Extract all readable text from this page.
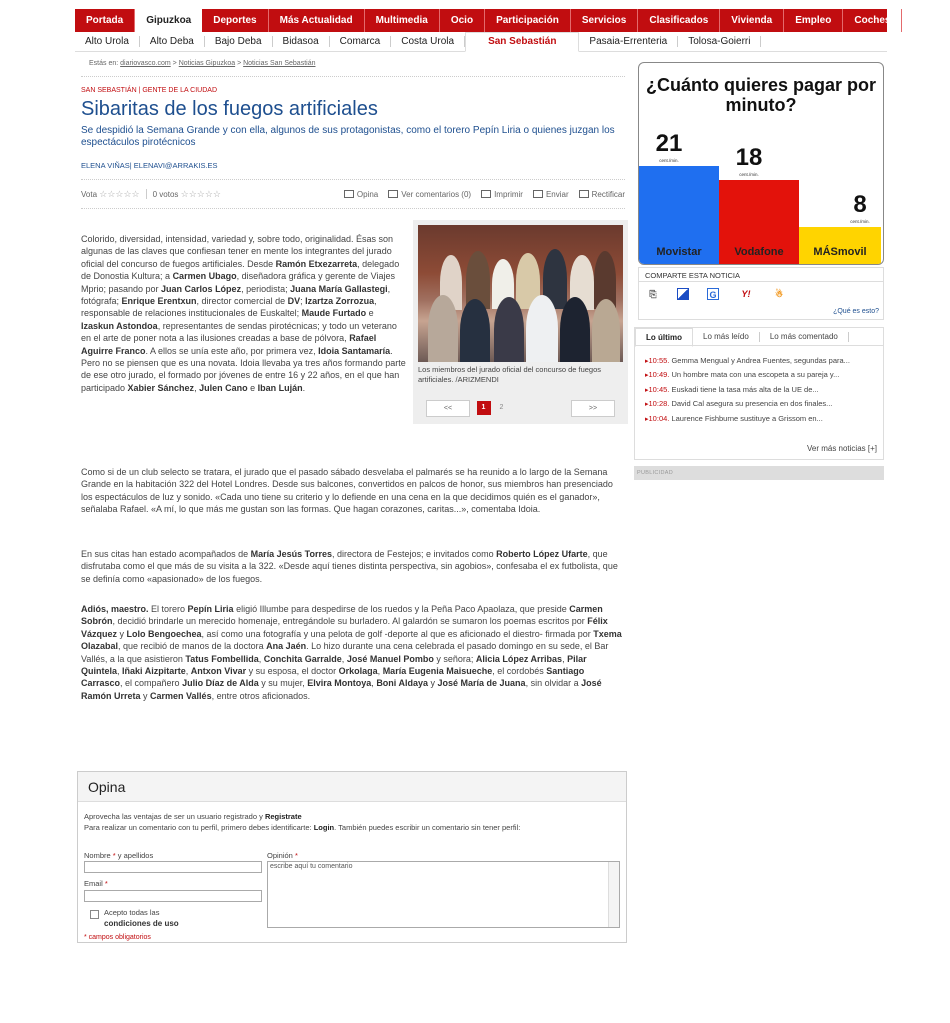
Portada	Gipuzkoa	Deportes	Más Actualidad	Multimedia	Ocio	Participación	Servicios	Clasificados	Vivienda	Empleo	Coches
Alto Urola	Alto Deba	Bajo Deba	Bidasoa	Comarca	Costa Urola	San Sebastián	Pasaia-Errenteria	Tolosa-Goierri
Estás en: diariovasco.com > Noticias Gipuzkoa > Noticias San Sebastián
SAN SEBASTIÁN | GENTE DE LA CIUDAD
Sibaritas de los fuegos artificiales
Se despidió la Semana Grande y con ella, algunos de sus protagonistas, como el torero Pepín Liria o quienes juzgan los espectáculos pirotécnicos
ELENA VIÑAS| ELENAVI@ARRAKIS.ES
Vota
☆☆☆☆☆ 0 votos
☆☆☆☆☆	Opina	Ver comentarios (0)	Imprimir	Enviar	Rectificar
Los miembros del jurado oficial del concurso de fuegos artificiales. /ARIZMENDI
<<	1	2	>>
Colorido, diversidad, intensidad, variedad y, sobre todo, originalidad. Ésas son algunas de las claves que confiesan tener en mente los integrantes del jurado oficial del concurso de fuegos artificiales. Desde Ramón Etxezarreta, delegado de Donostia Kultura; a Carmen Ubago, diseñadora gráfica y gerente de Viajes Mprio; pasando por Juan Carlos López, periodista; Juana María Gallastegi, fotógrafa; Enrique Erentxun, director comercial de DV; Izartza Zorrozua, responsable de relaciones institucionales de Euskaltel; Maude Furtado e Izaskun Astondoa, representantes de sendas pirotécnicas; y todo un veterano en el arte de poner nota a las ilusiones creadas a base de pólvora, Rafael Aguirre Franco. A ellos se unía este año, por primera vez, Idoia Santamaría. Pero no se piensen que es una novata. Idoia llevaba ya tres años formando parte de ese otro jurado, el formado por jóvenes de entre 16 y 22 años, en el que han participado Xabier Sánchez, Julen Cano e Iban Luján.
Como si de un club selecto se tratara, el jurado que el pasado sábado desvelaba el palmarés se ha reunido a lo largo de la Semana Grande en la habitación 322 del Hotel Londres. Desde sus balcones, convertidos en palcos de honor, sus miembros han presenciado los espectáculos de luz y sonido. «Cada uno tiene su criterio y lo defiende en una cena en la que decidimos quién es el ganador», señalaba Rafael. «A mí, lo que más me gustan son las formas. Que hagan corazones, caritas...», comentaba Idoia.
En sus citas han estado acompañados de María Jesús Torres, directora de Festejos; e invitados como Roberto López Ufarte, que disfrutaba como el que más de su visita a la 322. «Desde aquí tienes distinta perspectiva, sin agobios», confesaba el ex futbolista, que se definía como «apasionado» de los fuegos.
Adiós, maestro. El torero Pepín Liria eligió Illumbe para despedirse de los ruedos y la Peña Paco Apaolaza, que preside Carmen Sobrón, decidió brindarle un merecido homenaje, entregándole su burladero. Al galardón se sumaron los poemas escritos por Félix Vázquez y Lolo Bengoechea, así como una fotografía y una pelota de golf -deporte al que es aficionado el diestro- firmada por Txema Olazabal, que recibió de manos de la doctora Ana Jaén. Lo hizo durante una cena celebrada el pasado domingo en su sede, el Bar Vallés, a la que asistieron Tatus Fombellida, Conchita Garralde, José Manuel Pombo y señora; Alicia López Arribas, Pilar Quintela, Iñaki Aizpitarte, Antxon Vivar y su esposa, el doctor Orkolaga, María Eugenia Maisueche, el cordobés Santiago Carrasco, el compañero Julio Díaz de Alda y su mujer, Elvira Montoya, Boni Aldaya y José María de Juana, sin olvidar a José Ramón Urreta y Carmen Vallés, entre otros aficionados.
¿Cuánto quieres pagar por minuto?
Movistar
21
cent./min.
Vodafone
18
cent./min.
MÁSmovil
8
cent./min.
COMPARTE ESTA NOTICIA
⎘	G	Y!	☃
¿Qué es esto?
Lo último	Lo más leído	Lo más comentado
▸ 10:55. Gemma Mengual y Andrea Fuentes, segundas para...
▸ 10:49. Un hombre mata con una escopeta a su pareja y...
▸ 10:45. Euskadi tiene la tasa más alta de la UE de...
▸ 10:28. David Cal asegura su presencia en dos finales...
▸ 10:04. Laurence Fishburne sustituye a Grissom en...
Ver más noticias [+]
PUBLICIDAD
Opina
Aprovecha las ventajas de ser un usuario registrado y Registrate
Para realizar un comentario con tu perfil, primero debes identificarte: Login. También puedes escribir un comentario sin tener perfil:
Nombre * y apellidos	Opinión *
escribe aquí tu comentario
Email *
Acepto todas las
condiciones de uso
* campos obligatorios
